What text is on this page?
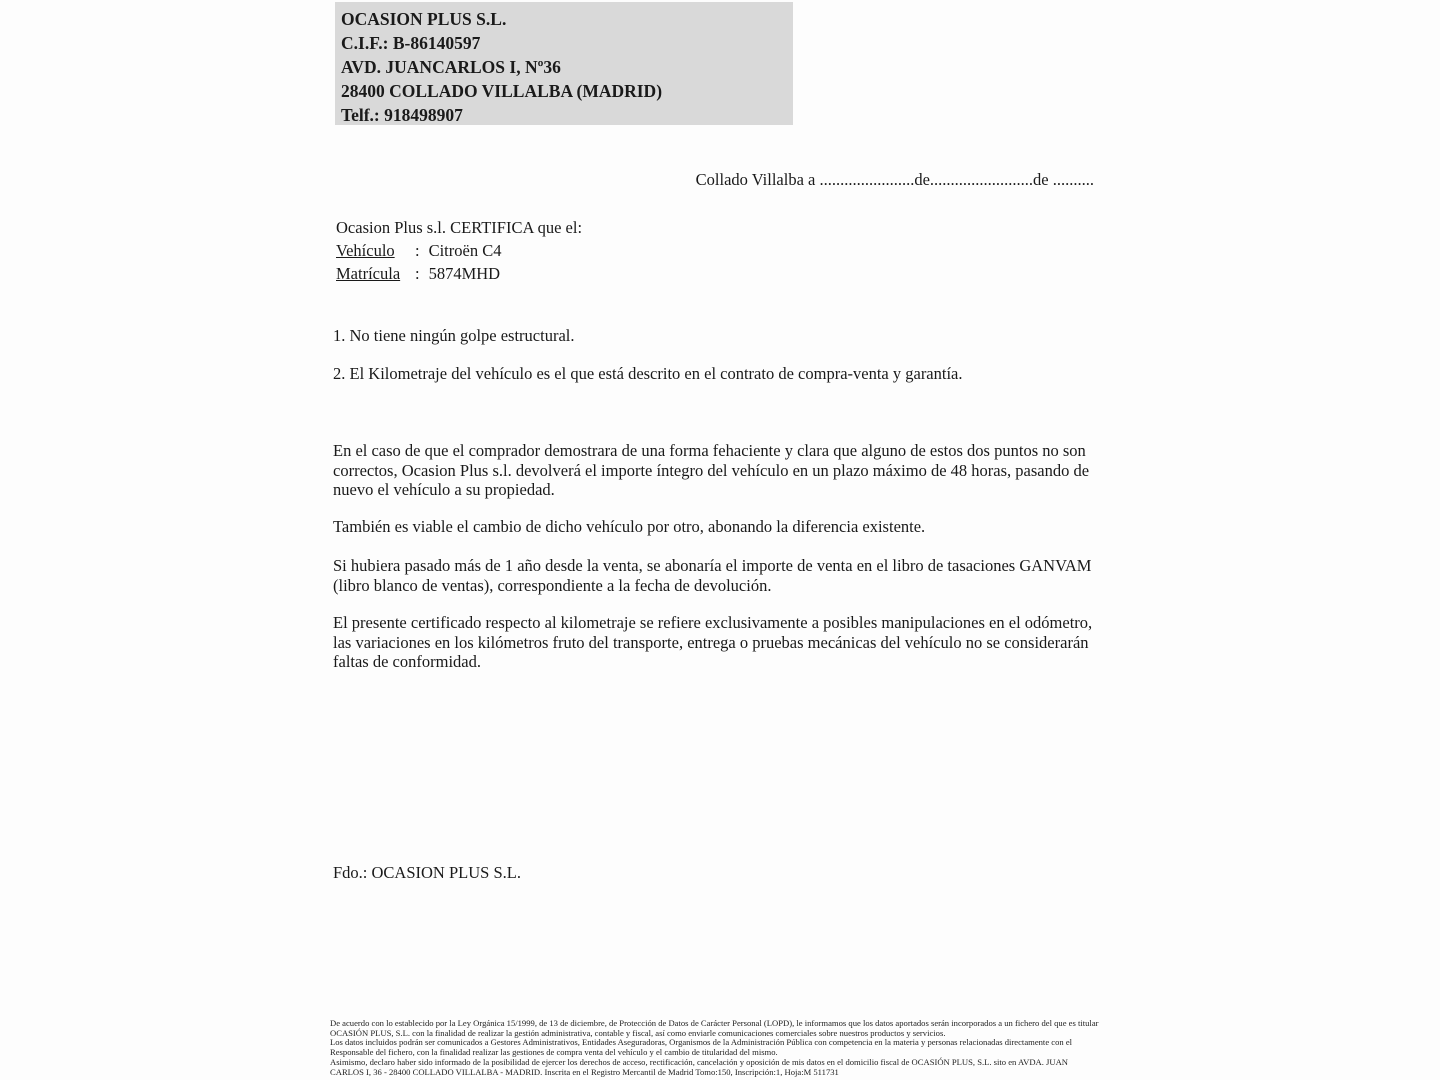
OCASION PLUS S.L.
C.I.F.: B-86140597
AVD. JUANCARLOS I, Nº36
28400 COLLADO VILLALBA (MADRID)
Telf.: 918498907
Collado Villalba a .......................de.........................de ..........
Ocasion Plus s.l. CERTIFICA que el:
Vehículo : Citroën C4
Matrícula : 5874MHD
1. No tiene ningún golpe estructural.
2. El Kilometraje del vehículo es el que está descrito en el contrato de compra-venta y garantía.
En el caso de que el comprador demostrara de una forma fehaciente y clara que alguno de estos dos puntos no son correctos, Ocasion Plus s.l. devolverá el importe íntegro del vehículo en un plazo máximo de 48 horas, pasando de nuevo el vehículo a su propiedad.
También es viable el cambio de dicho vehículo por otro, abonando la diferencia existente.
Si hubiera pasado más de 1 año desde la venta, se abonaría el importe de venta en el libro de tasaciones GANVAM (libro blanco de ventas), correspondiente a la fecha de devolución.
El presente certificado respecto al kilometraje se refiere exclusivamente a posibles manipulaciones en el odómetro, las variaciones en los kilómetros fruto del transporte, entrega o pruebas mecánicas del vehículo no se considerarán faltas de conformidad.
Fdo.: OCASION PLUS S.L.
De acuerdo con lo establecido por la Ley Orgánica 15/1999, de 13 de diciembre, de Protección de Datos de Carácter Personal (LOPD), le informamos que los datos aportados serán incorporados a un fichero del que es titular
OCASIÓN PLUS, S.L. con la finalidad de realizar la gestión administrativa, contable y fiscal, así como enviarle comunicaciones comerciales sobre nuestros productos y servicios.
Los datos incluidos podrán ser comunicados a Gestores Administrativos, Entidades Aseguradoras, Organismos de la Administración Pública con competencia en la materia y personas relacionadas directamente con el
Responsable del fichero, con la finalidad realizar las gestiones de compra venta del vehículo y el cambio de titularidad del mismo.
Asimismo, declaro haber sido informado de la posibilidad de ejercer los derechos de acceso, rectificación, cancelación y oposición de mis datos en el domicilio fiscal de OCASIÓN PLUS, S.L. sito en AVDA. JUAN
CARLOS I, 36 - 28400 COLLADO VILLALBA - MADRID. Inscrita en el Registro Mercantil de Madrid Tomo:150, Inscripción:1, Hoja:M 511731
